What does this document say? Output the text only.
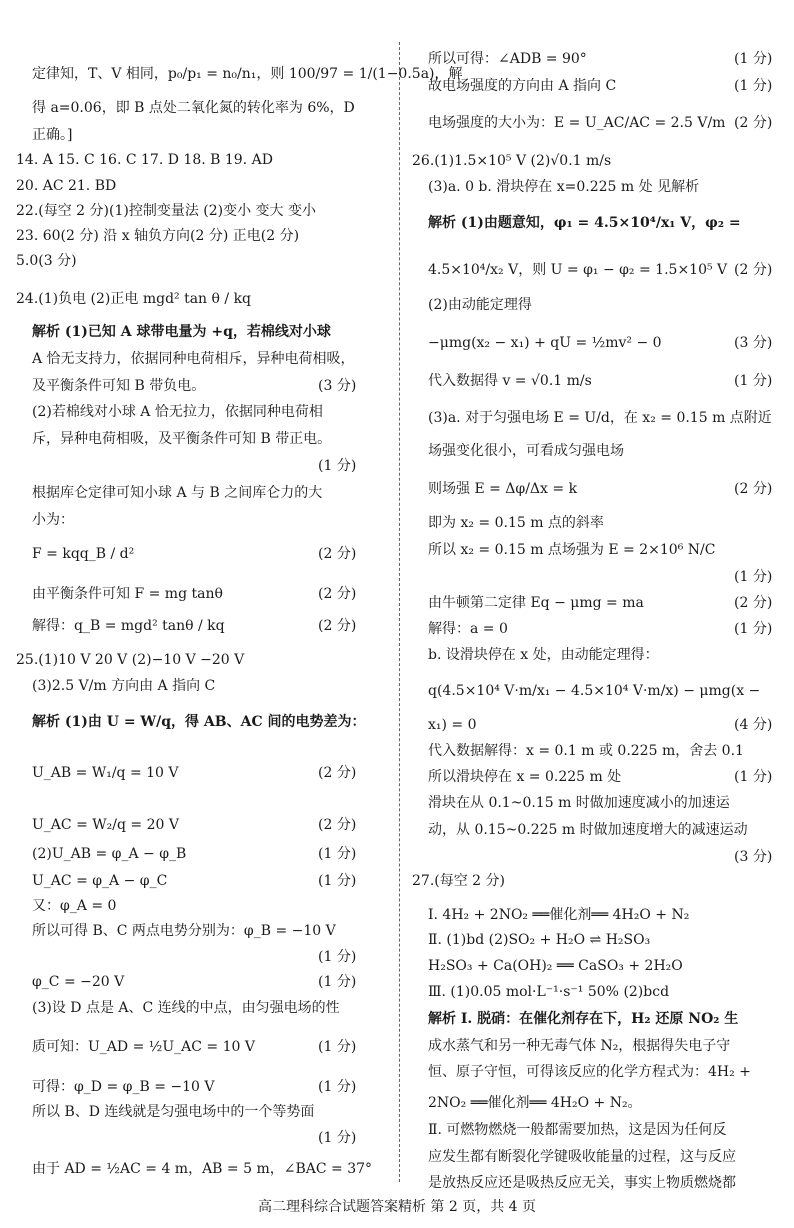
定律知，T、V 相同，p₀/p₁ = n₀/n₁，则 100/97 = 1/(1−0.5a)，解
得 a=0.06，即 B 点处二氧化氮的转化率为 6%，D
正确。]
14. A 15. C 16. C 17. D 18. B 19. AD
20. AC 21. BD
22.(每空 2 分)(1)控制变量法 (2)变小 变大 变小
23. 60(2 分) 沿 x 轴负方向(2 分) 正电(2 分)
5.0(3 分)
24.(1)负电 (2)正电 mgd² tan θ / kq
解析 (1)已知 A 球带电量为 +q，若棉线对小球
A 恰无支持力，依据同种电荷相斥，异种电荷相吸，
及平衡条件可知 B 带负电。
(2)若棉线对小球 A 恰无拉力，依据同种电荷相
斥，异种电荷相吸，及平衡条件可知 B 带正电。
根据库仑定律可知小球 A 与 B 之间库仑力的大
小为：
F = kqq_B / d²
由平衡条件可知 F = mg tanθ
解得：q_B = mgd² tanθ / kq
25.(1)10 V 20 V (2)−10 V −20 V
(3)2.5 V/m 方向由 A 指向 C
解析 (1)由 U = W/q，得 AB、AC 间的电势差为：
U_AB = W₁/q = 10 V
U_AC = W₂/q = 20 V
(2)U_AB = φ_A − φ_B
U_AC = φ_A − φ_C
又：φ_A = 0
所以可得 B、C 两点电势分别为：φ_B = −10 V
φ_C = −20 V
(3)设 D 点是 A、C 连线的中点，由匀强电场的性
质可知：U_AD = ½U_AC = 10 V
可得：φ_D = φ_B = −10 V
所以 B、D 连线就是匀强电场中的一个等势面
由于 AD = ½AC = 4 m，AB = 5 m，∠BAC = 37°
所以可得：∠ADB = 90°
故电场强度的方向由 A 指向 C
电场强度的大小为：E = U_AC/AC = 2.5 V/m
26.(1)1.5×10⁵ V (2)√0.1 m/s
(3)a. 0 b. 滑块停在 x=0.225 m 处 见解析
解析 (1)由题意知，φ₁ = 4.5×10⁴/x₁ V，φ₂ =
4.5×10⁴/x₂ V，则 U = φ₁ − φ₂ = 1.5×10⁵ V
(2)由动能定理得
−μmg(x₂ − x₁) + qU = ½mv² − 0
代入数据得 v = √0.1 m/s
(3)a. 对于匀强电场 E = U/d，在 x₂ = 0.15 m 点附近
场强变化很小，可看成匀强电场
则场强 E = Δφ/Δx = k
即为 x₂ = 0.15 m 点的斜率
所以 x₂ = 0.15 m 点场强为 E = 2×10⁶ N/C
由牛顿第二定律 Eq − μmg = ma
解得：a = 0
b. 设滑块停在 x 处，由动能定理得：
q(4.5×10⁴ V·m/x₁ − 4.5×10⁴ V·m/x) − μmg(x −
x₁) = 0
代入数据解得：x = 0.1 m 或 0.225 m，舍去 0.1
所以滑块停在 x = 0.225 m 处
滑块在从 0.1~0.15 m 时做加速度减小的加速运
动，从 0.15~0.225 m 时做加速度增大的减速运动
27.(每空 2 分)
Ⅰ. 4H₂ + 2NO₂ ══催化剂══ 4H₂O + N₂
Ⅱ. (1)bd (2)SO₂ + H₂O ⇌ H₂SO₃
H₂SO₃ + Ca(OH)₂ ══ CaSO₃ + 2H₂O
Ⅲ. (1)0.05 mol·L⁻¹·s⁻¹ 50% (2)bcd
解析 Ⅰ. 脱硝：在催化剂存在下，H₂ 还原 NO₂ 生
成水蒸气和另一种无毒气体 N₂，根据得失电子守
恒、原子守恒，可得该反应的化学方程式为：4H₂ +
2NO₂ ══催化剂══ 4H₂O + N₂。
Ⅱ. 可燃物燃烧一般都需要加热，这是因为任何反
应发生都有断裂化学键吸收能量的过程，这与反应
是放热反应还是吸热反应无关，事实上物质燃烧都
高二理科综合试题答案精析 第 2 页，共 4 页
(3 分)
(1 分)
(2 分)
(2 分)
(2 分)
(2 分)
(2 分)
(1 分)
(1 分)
(1 分)
(1 分)
(1 分)
(1 分)
(1 分)
(1 分)
(1 分)
(2 分)
(2 分)
(3 分)
(1 分)
(2 分)
(1 分)
(2 分)
(1 分)
(4 分)
(1 分)
(3 分)
